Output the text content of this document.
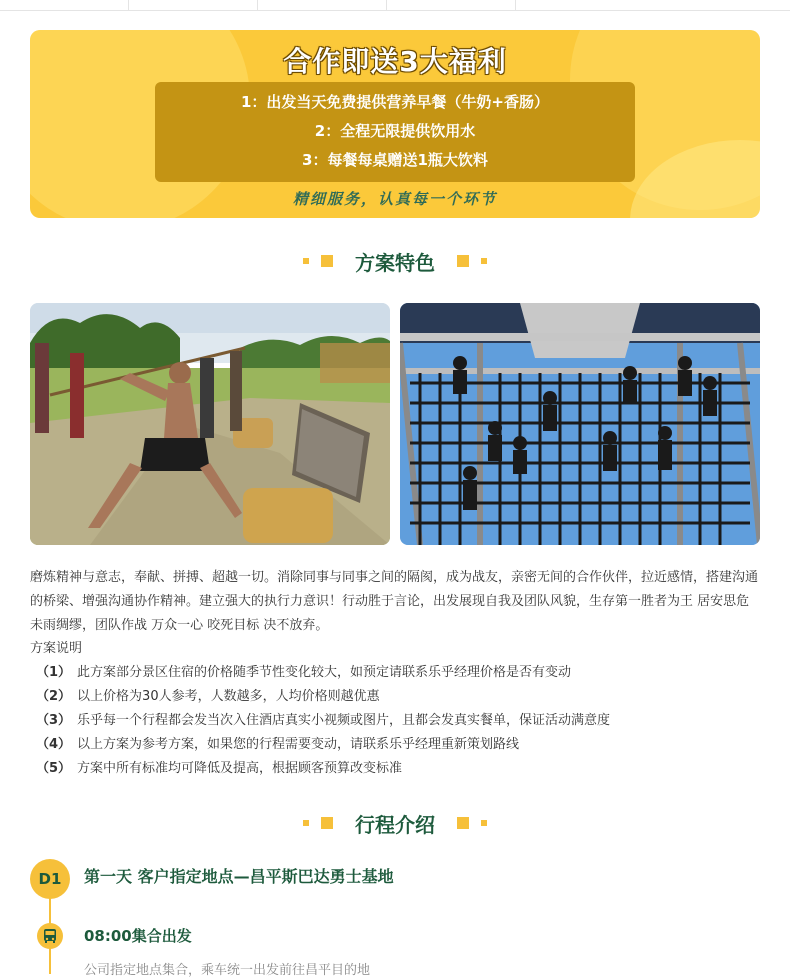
合作即送3大福利
1：出发当天免费提供营养早餐（牛奶+香肠）
2：全程无限提供饮用水
3：每餐每桌赠送1瓶大饮料
精细服务，认真每一个环节
方案特色
磨炼精神与意志，奉献、拼搏、超越一切。消除同事与同事之间的隔阂，成为战友，亲密无间的合作伙伴，拉近感情，搭建沟通的桥梁、增强沟通协作精神。建立强大的执行力意识！行动胜于言论，出发展现自我及团队风貌，生存第一胜者为王 居安思危 未雨绸缪，团队作战 万众一心 咬死目标 决不放弃。
方案说明
（1） 此方案部分景区住宿的价格随季节性变化较大，如预定请联系乐乎经理价格是否有变动
（2） 以上价格为30人参考，人数越多，人均价格则越优惠
（3） 乐乎每一个行程都会发当次入住酒店真实小视频或图片，且都会发真实餐单，保证活动满意度
（4） 以上方案为参考方案，如果您的行程需要变动，请联系乐乎经理重新策划路线
（5） 方案中所有标准均可降低及提高，根据顾客预算改变标准
行程介绍
D1	第一天 客户指定地点—昌平斯巴达勇士基地
08:00集合出发
公司指定地点集合，乘车统一出发前往昌平目的地
